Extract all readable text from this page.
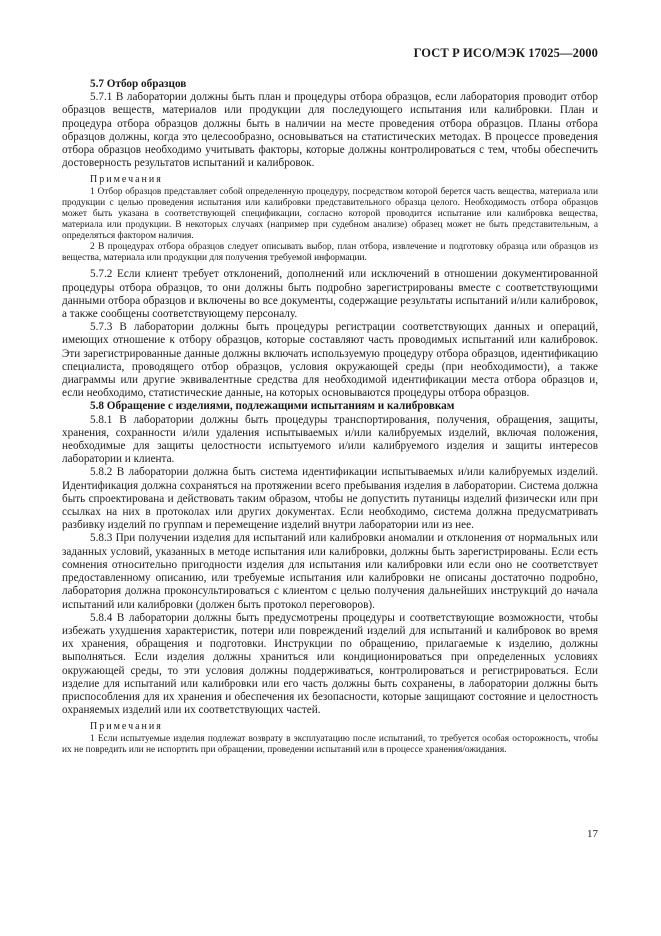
ГОСТ Р ИСО/МЭК 17025—2000

5.7 Отбор образцов

5.7.1 В лаборатории должны быть план и процедуры отбора образцов, если лаборатория проводит отбор образцов веществ, материалов или продукции для последующего испытания или калибровки. План и процедура отбора образцов должны быть в наличии на месте проведения отбора образцов. Планы отбора образцов должны, когда это целесообразно, основываться на статистических методах. В процессе проведения отбора образцов необходимо учитывать факторы, которые должны контролироваться с тем, чтобы обеспечить достоверность результатов испытаний и калибровок.

Примечания

1 Отбор образцов представляет собой определенную процедуру, посредством которой берется часть вещества, материала или продукции с целью проведения испытания или калибровки представительного образца целого. Необходимость отбора образцов может быть указана в соответствующей спецификации, согласно которой проводится испытание или калибровка вещества, материала или продукции. В некоторых случаях (например при судебном анализе) образец может не быть представительным, а определяться фактором наличия.

2 В процедурах отбора образцов следует описывать выбор, план отбора, извлечение и подготовку образца или образцов из вещества, материала или продукции для получения требуемой информации.

5.7.2 Если клиент требует отклонений, дополнений или исключений в отношении документированной процедуры отбора образцов, то они должны быть подробно зарегистрированы вместе с соответствующими данными отбора образцов и включены во все документы, содержащие результаты испытаний и/или калибровок, а также сообщены соответствующему персоналу.

5.7.3 В лаборатории должны быть процедуры регистрации соответствующих данных и операций, имеющих отношение к отбору образцов, которые составляют часть проводимых испытаний или калибровок. Эти зарегистрированные данные должны включать используемую процедуру отбора образцов, идентификацию специалиста, проводящего отбор образцов, условия окружающей среды (при необходимости), а также диаграммы или другие эквивалентные средства для необходимой идентификации места отбора образцов и, если необходимо, статистические данные, на которых основываются процедуры отбора образцов.

5.8 Обращение с изделиями, подлежащими испытаниям и калибровкам

5.8.1 В лаборатории должны быть процедуры транспортирования, получения, обращения, защиты, хранения, сохранности и/или удаления испытываемых и/или калибруемых изделий, включая положения, необходимые для защиты целостности испытуемого и/или калибруемого изделия и защиты интересов лаборатории и клиента.

5.8.2 В лаборатории должна быть система идентификации испытываемых и/или калибруемых изделий. Идентификация должна сохраняться на протяжении всего пребывания изделия в лаборатории. Система должна быть спроектирована и действовать таким образом, чтобы не допустить путаницы изделий физически или при ссылках на них в протоколах или других документах. Если необходимо, система должна предусматривать разбивку изделий по группам и перемещение изделий внутри лаборатории или из нее.

5.8.3 При получении изделия для испытаний или калибровки аномалии и отклонения от нормальных или заданных условий, указанных в методе испытания или калибровки, должны быть зарегистрированы. Если есть сомнения относительно пригодности изделия для испытания или калибровки или если оно не соответствует предоставленному описанию, или требуемые испытания или калибровки не описаны достаточно подробно, лаборатория должна проконсультироваться с клиентом с целью получения дальнейших инструкций до начала испытаний или калибровки (должен быть протокол переговоров).

5.8.4 В лаборатории должны быть предусмотрены процедуры и соответствующие возможности, чтобы избежать ухудшения характеристик, потери или повреждений изделий для испытаний и калибровок во время их хранения, обращения и подготовки. Инструкции по обращению, прилагаемые к изделию, должны выполняться. Если изделия должны храниться или кондиционироваться при определенных условиях окружающей среды, то эти условия должны поддерживаться, контролироваться и регистрироваться. Если изделие для испытаний или калибровки или его часть должны быть сохранены, в лаборатории должны быть приспособления для их хранения и обеспечения их безопасности, которые защищают состояние и целостность охраняемых изделий или их соответствующих частей.

Примечания

1 Если испытуемые изделия подлежат возврату в эксплуатацию после испытаний, то требуется особая осторожность, чтобы их не повредить или не испортить при обращении, проведении испытаний или в процессе хранения/ожидания.

17
